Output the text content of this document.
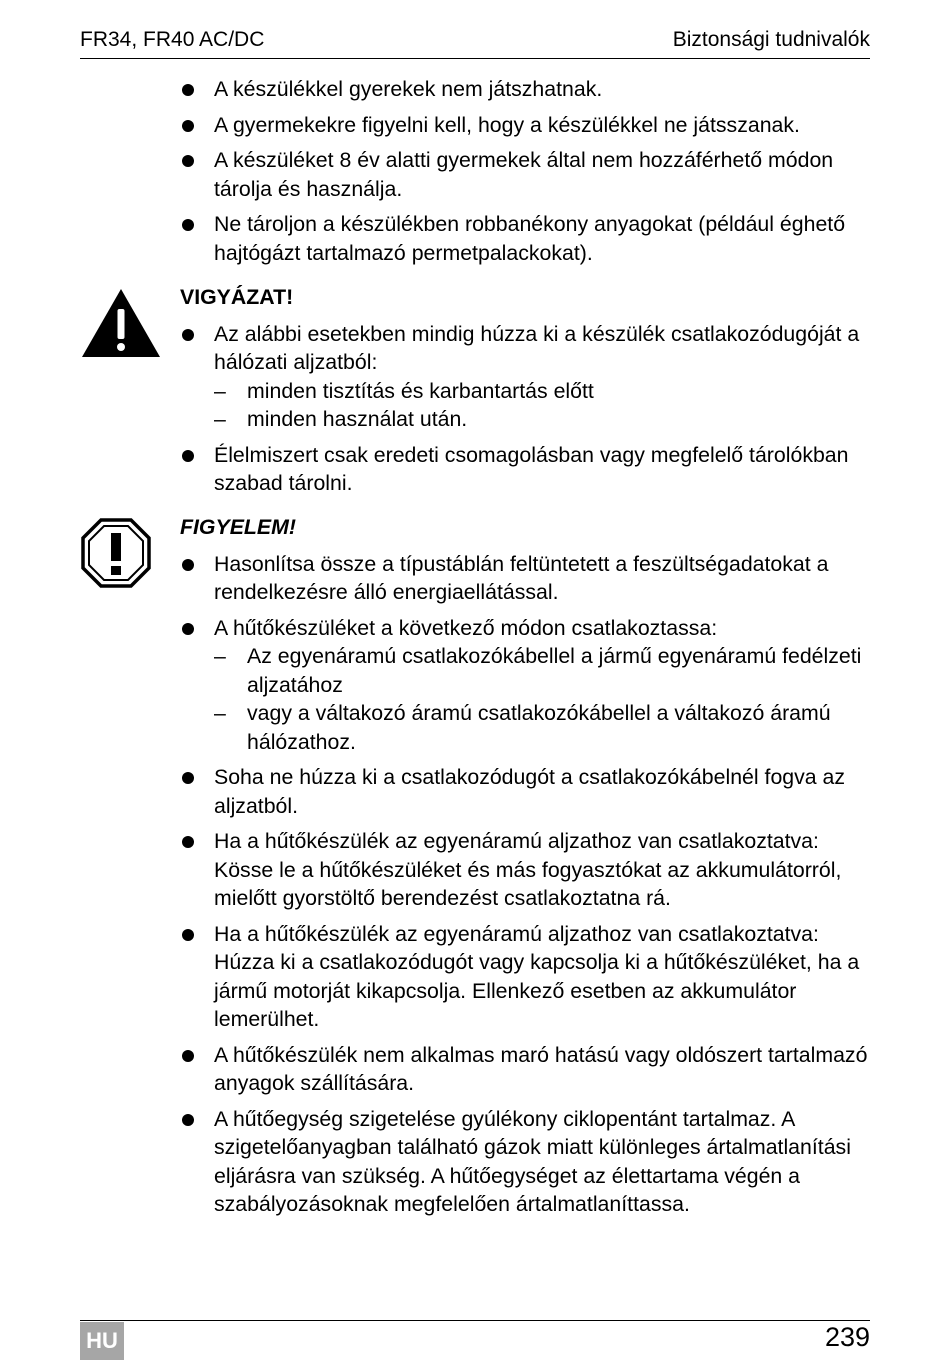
FR34, FR40 AC/DC	Biztonsági tudnivalók
A készülékkel gyerekek nem játszhatnak.
A gyermekekre figyelni kell, hogy a készülékkel ne játsszanak.
A készüléket 8 év alatti gyermekek által nem hozzáférhető módon tárolja és használja.
Ne tároljon a készülékben robbanékony anyagokat (például éghető hajtógázt tartalmazó permetpalackokat).
VIGYÁZAT!
Az alábbi esetekben mindig húzza ki a készülék csatlakozódugóját a hálózati aljzatból:
– minden tisztítás és karbantartás előtt
– minden használat után.
Élelmiszert csak eredeti csomagolásban vagy megfelelő tárolókban szabad tárolni.
FIGYELEM!
Hasonlítsa össze a típustáblán feltüntetett a feszültségadatokat a rendelkezésre álló energiaellátással.
A hűtőkészüléket a következő módon csatlakoztassa:
– Az egyenáramú csatlakozókábellel a jármű egyenáramú fedélzeti aljzatához
– vagy a váltakozó áramú csatlakozókábellel a váltakozó áramú hálózathoz.
Soha ne húzza ki a csatlakozódugót a csatlakozókábelnél fogva az aljzatból.
Ha a hűtőkészülék az egyenáramú aljzathoz van csatlakoztatva: Kösse le a hűtőkészüléket és más fogyasztókat az akkumulátorról, mielőtt gyorstöltő berendezést csatlakoztatna rá.
Ha a hűtőkészülék az egyenáramú aljzathoz van csatlakoztatva: Húzza ki a csatlakozódugót vagy kapcsolja ki a hűtőkészüléket, ha a jármű motorját kikapcsolja. Ellenkező esetben az akkumulátor lemerülhet.
A hűtőkészülék nem alkalmas maró hatású vagy oldószert tartalmazó anyagok szállítására.
A hűtőegység szigetelése gyúlékony ciklopentánt tartalmaz. A szigetelőanyagban található gázok miatt különleges ártalmatlanítási eljárásra van szükség. A hűtőegységet az élettartama végén a szabályozásoknak megfelelően ártalmatlaníttassa.
HU	239
